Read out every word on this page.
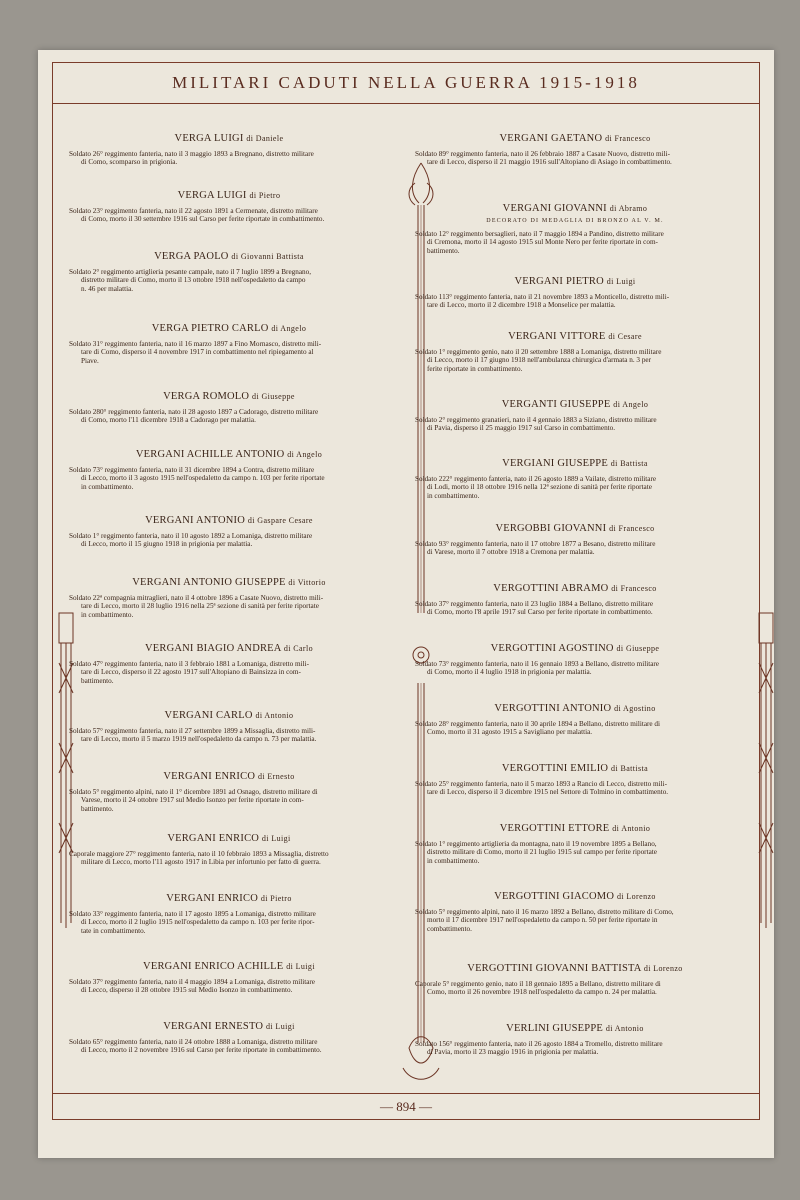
MILITARI CADUTI NELLA GUERRA 1915-1918
VERGA LUIGI di Daniele
Soldato 26° reggimento fanteria, nato il 3 maggio 1893 a Bregnano, distretto militare
di Como, scomparso in prigionia.
VERGA LUIGI di Pietro
Soldato 23° reggimento fanteria, nato il 22 agosto 1891 a Cermenate, distretto militare
di Como, morto il 30 settembre 1916 sul Carso per ferite riportate in combattimento.
VERGA PAOLO di Giovanni Battista
Soldato 2° reggimento artiglieria pesante campale, nato il 7 luglio 1899 a Bregnano,
distretto militare di Como, morto il 13 ottobre 1918 nell'ospedaletto da campo
n. 46 per malattia.
VERGA PIETRO CARLO di Angelo
Soldato 31° reggimento fanteria, nato il 16 marzo 1897 a Fino Mornasco, distretto mili-
tare di Como, disperso il 4 novembre 1917 in combattimento nel ripiegamento al
Piave.
VERGA ROMOLO di Giuseppe
Soldato 280° reggimento fanteria, nato il 28 agosto 1897 a Cadorago, distretto militare
di Como, morto l'11 dicembre 1918 a Cadorago per malattia.
VERGANI ACHILLE ANTONIO di Angelo
Soldato 73° reggimento fanteria, nato il 31 dicembre 1894 a Contra, distretto militare
di Lecco, morto il 3 agosto 1915 nell'ospedaletto da campo n. 103 per ferite riportate
in combattimento.
VERGANI ANTONIO di Gaspare Cesare
Soldato 1° reggimento fanteria, nato il 10 agosto 1892 a Lomaniga, distretto militare
di Lecco, morto il 15 giugno 1918 in prigionia per malattia.
VERGANI ANTONIO GIUSEPPE di Vittorio
Soldato 22ª compagnia mitraglieri, nato il 4 ottobre 1896 a Casate Nuovo, distretto mili-
tare di Lecco, morto il 28 luglio 1916 nella 25ª sezione di sanità per ferite riportate
in combattimento.
VERGANI BIAGIO ANDREA di Carlo
Soldato 47° reggimento fanteria, nato il 3 febbraio 1881 a Lomaniga, distretto mili-
tare di Lecco, disperso il 22 agosto 1917 sull'Altopiano di Bainsizza in com-
battimento.
VERGANI CARLO di Antonio
Soldato 57° reggimento fanteria, nato il 27 settembre 1899 a Missaglia, distretto mili-
tare di Lecco, morto il 5 marzo 1919 nell'ospedaletto da campo n. 73 per malattia.
VERGANI ENRICO di Ernesto
Soldato 5° reggimento alpini, nato il 1° dicembre 1891 ad Osnago, distretto militare di
Varese, morto il 24 ottobre 1917 sul Medio Isonzo per ferite riportate in com-
battimento.
VERGANI ENRICO di Luigi
Caporale maggiore 27° reggimento fanteria, nato il 10 febbraio 1893 a Missaglia, distretto
militare di Lecco, morto l'11 agosto 1917 in Libia per infortunio per fatto di guerra.
VERGANI ENRICO di Pietro
Soldato 33° reggimento fanteria, nato il 17 agosto 1895 a Lomaniga, distretto militare
di Lecco, morto il 2 luglio 1915 nell'ospedaletto da campo n. 103 per ferite ripor-
tate in combattimento.
VERGANI ENRICO ACHILLE di Luigi
Soldato 37° reggimento fanteria, nato il 4 maggio 1894 a Lomaniga, distretto militare
di Lecco, disperso il 28 ottobre 1915 sul Medio Isonzo in combattimento.
VERGANI ERNESTO di Luigi
Soldato 65° reggimento fanteria, nato il 24 ottobre 1888 a Lomaniga, distretto militare
di Lecco, morto il 2 novembre 1916 sul Carso per ferite riportate in combattimento.
VERGANI GAETANO di Francesco
Soldato 89° reggimento fanteria, nato il 26 febbraio 1887 a Casate Nuovo, distretto mili-
tare di Lecco, disperso il 21 maggio 1916 sull'Altopiano di Asiago in combattimento.
VERGANI GIOVANNI di Abramo
DECORATO DI MEDAGLIA DI BRONZO AL V. M.
Soldato 12° reggimento bersaglieri, nato il 7 maggio 1894 a Pandino, distretto militare
di Cremona, morto il 14 agosto 1915 sul Monte Nero per ferite riportate in com-
battimento.
VERGANI PIETRO di Luigi
Soldato 113° reggimento fanteria, nato il 21 novembre 1893 a Monticello, distretto mili-
tare di Lecco, morto il 2 dicembre 1918 a Monselice per malattia.
VERGANI VITTORE di Cesare
Soldato 1° reggimento genio, nato il 20 settembre 1888 a Lomaniga, distretto militare
di Lecco, morto il 17 giugno 1918 nell'ambulanza chirurgica d'armata n. 3 per
ferite riportate in combattimento.
VERGANTI GIUSEPPE di Angelo
Soldato 2° reggimento granatieri, nato il 4 gennaio 1883 a Siziano, distretto militare
di Pavia, disperso il 25 maggio 1917 sul Carso in combattimento.
VERGIANI GIUSEPPE di Battista
Soldato 222° reggimento fanteria, nato il 26 agosto 1889 a Vailate, distretto militare
di Lodi, morto il 18 ottobre 1916 nella 12ª sezione di sanità per ferite riportate
in combattimento.
VERGOBBI GIOVANNI di Francesco
Soldato 93° reggimento fanteria, nato il 17 ottobre 1877 a Besano, distretto militare
di Varese, morto il 7 ottobre 1918 a Cremona per malattia.
VERGOTTINI ABRAMO di Francesco
Soldato 37° reggimento fanteria, nato il 23 luglio 1884 a Bellano, distretto militare
di Como, morto l'8 aprile 1917 sul Carso per ferite riportate in combattimento.
VERGOTTINI AGOSTINO di Giuseppe
Soldato 73° reggimento fanteria, nato il 16 gennaio 1893 a Bellano, distretto militare
di Como, morto il 4 luglio 1918 in prigionia per malattia.
VERGOTTINI ANTONIO di Agostino
Soldato 28° reggimento fanteria, nato il 30 aprile 1894 a Bellano, distretto militare di
Como, morto il 31 agosto 1915 a Savigliano per malattia.
VERGOTTINI EMILIO di Battista
Soldato 25° reggimento fanteria, nato il 5 marzo 1893 a Rancio di Lecco, distretto mili-
tare di Lecco, disperso il 3 dicembre 1915 nel Settore di Tolmino in combattimento.
VERGOTTINI ETTORE di Antonio
Soldato 1° reggimento artiglieria da montagna, nato il 19 novembre 1895 a Bellano,
distretto militare di Como, morto il 21 luglio 1915 sul campo per ferite riportate
in combattimento.
VERGOTTINI GIACOMO di Lorenzo
Soldato 5° reggimento alpini, nato il 16 marzo 1892 a Bellano, distretto militare di Como,
morto il 17 dicembre 1917 nell'ospedaletto da campo n. 50 per ferite riportate in
combattimento.
VERGOTTINI GIOVANNI BATTISTA di Lorenzo
Caporale 5° reggimento genio, nato il 18 gennaio 1895 a Bellano, distretto militare di
Como, morto il 26 novembre 1918 nell'ospedaletto da campo n. 24 per malattia.
VERLINI GIUSEPPE di Antonio
Soldato 156° reggimento fanteria, nato il 26 agosto 1884 a Tromello, distretto militare
di Pavia, morto il 23 maggio 1916 in prigionia per malattia.
— 894 —
